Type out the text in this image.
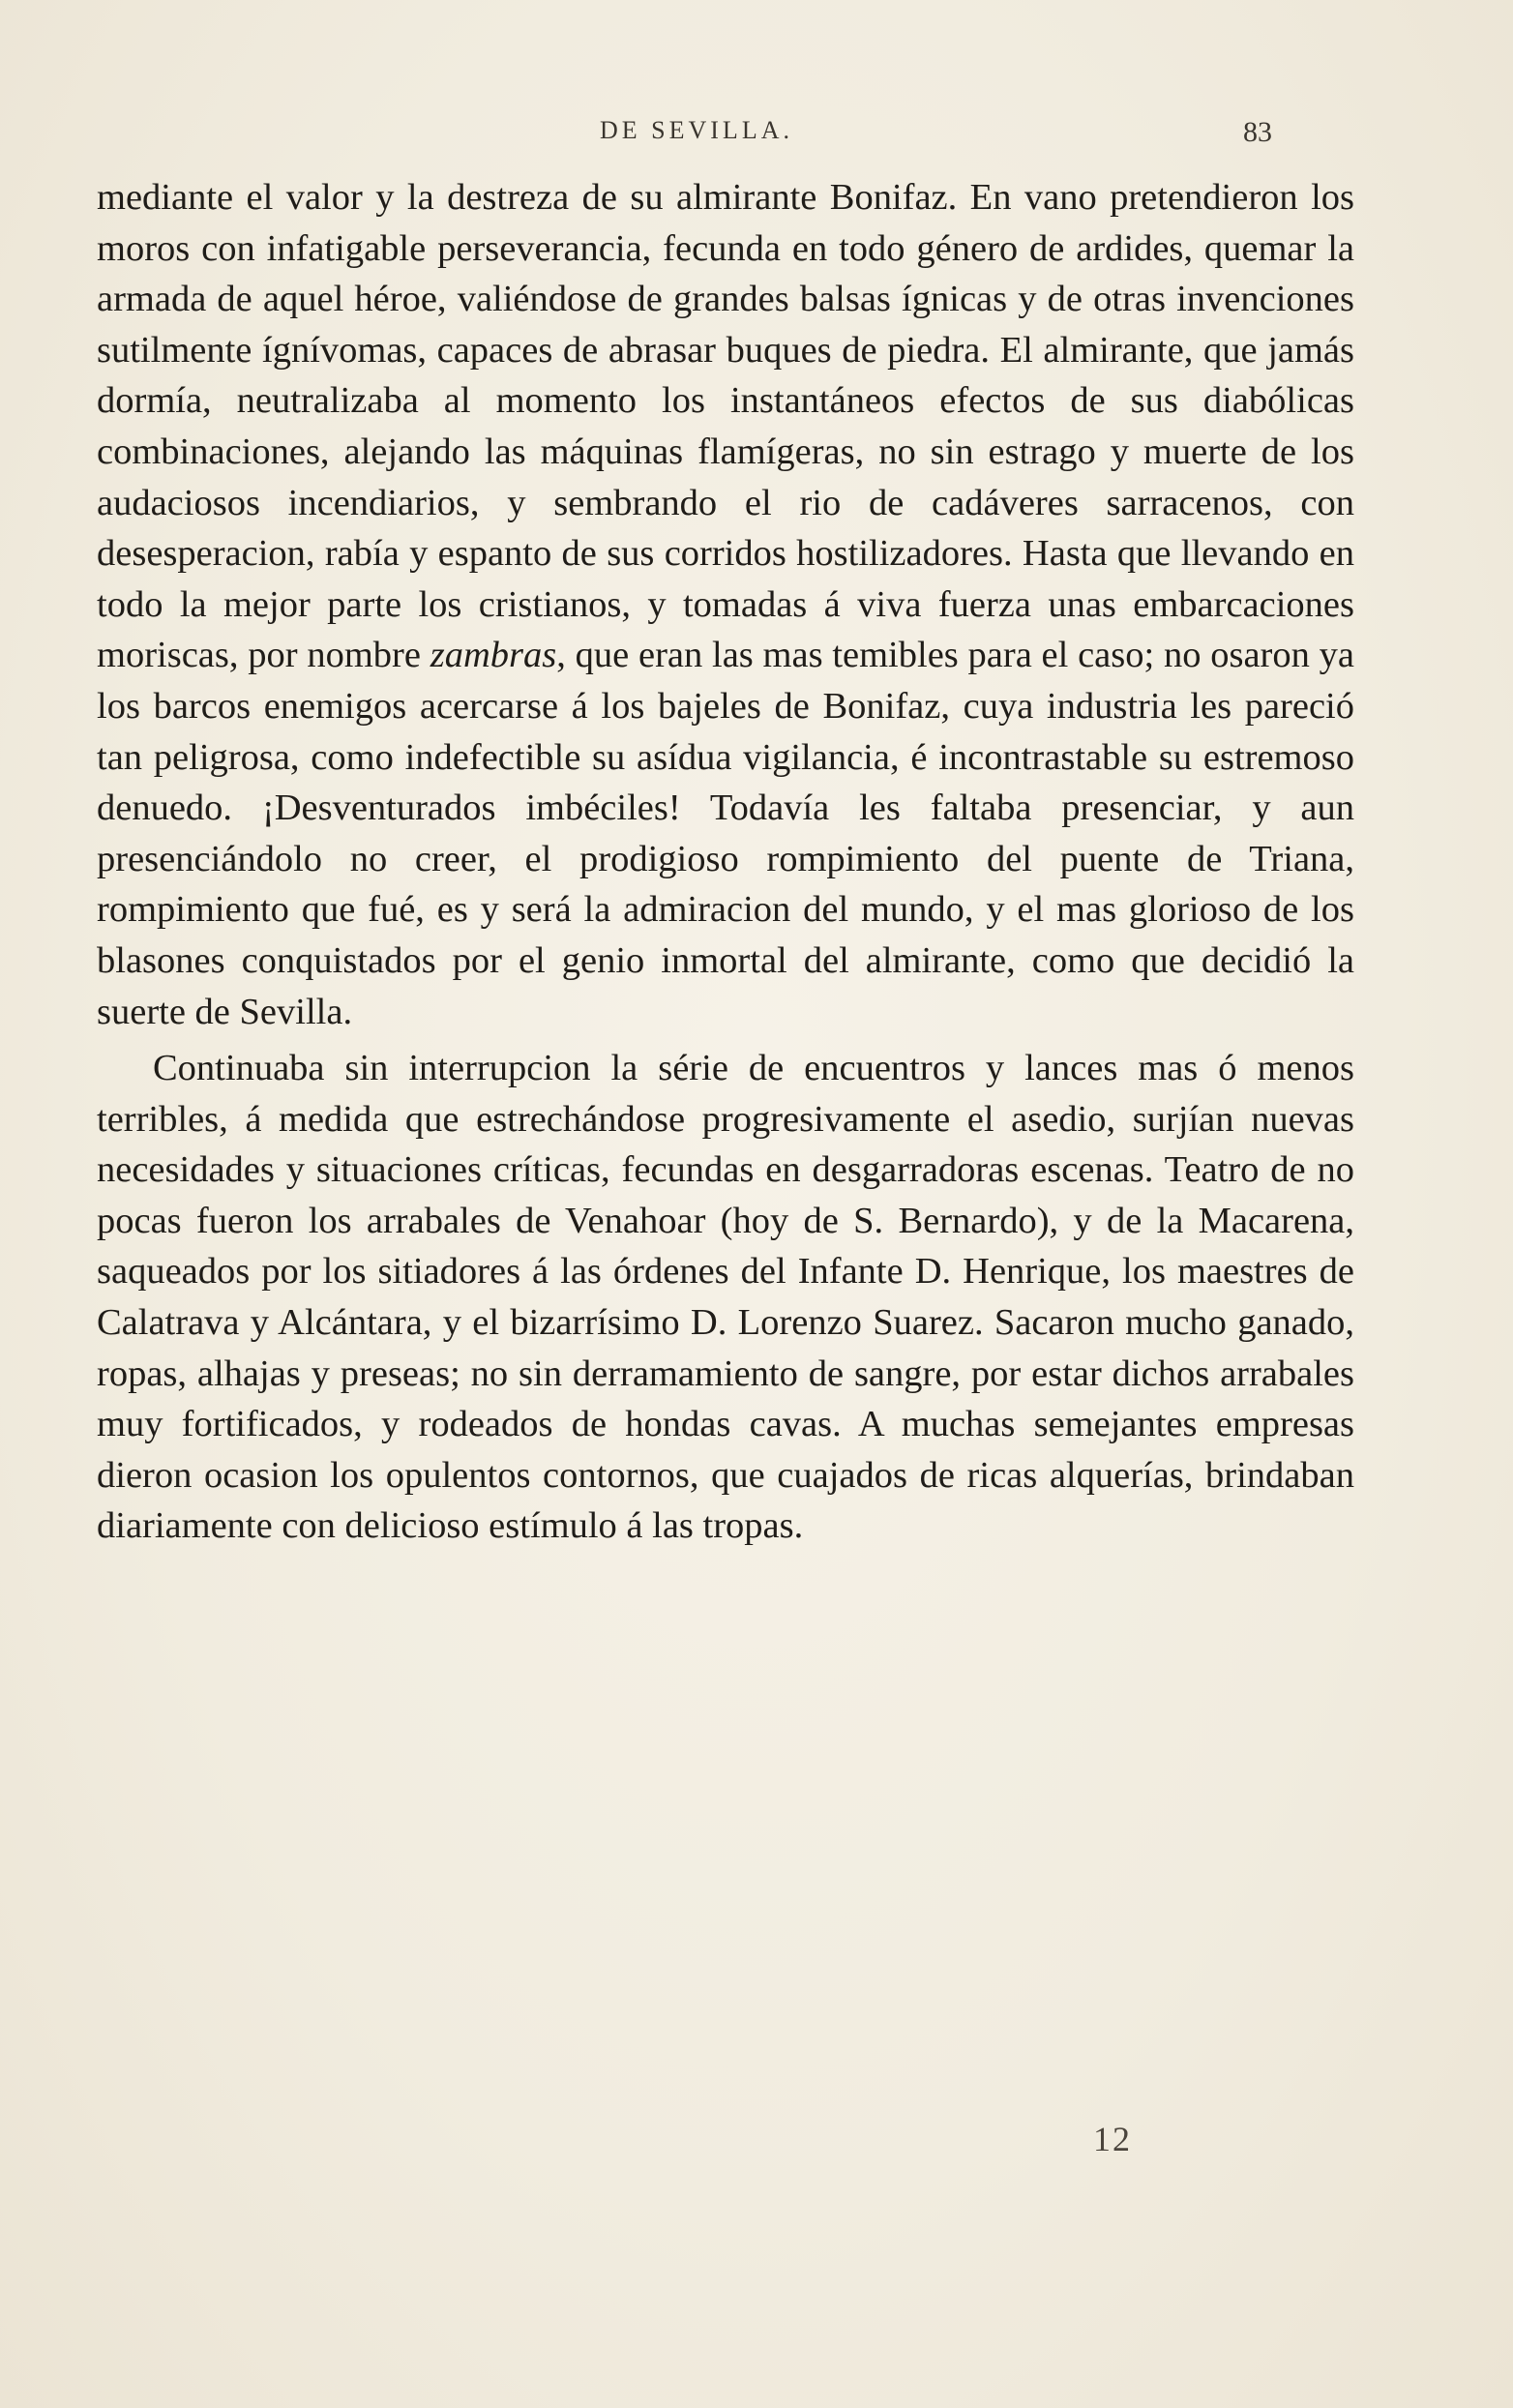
DE SEVILLA.	83

mediante el valor y la destreza de su almirante Bonifaz. En vano pretendieron los moros con infatigable perseverancia, fecunda en todo género de ardides, quemar la armada de aquel héroe, valiéndose de grandes balsas ígnicas y de otras invenciones sutilmente ígnívomas, capaces de abrasar buques de piedra. El almirante, que jamás dormía, neutralizaba al momento los instantáneos efectos de sus diabólicas combinaciones, alejando las máquinas flamígeras, no sin estrago y muerte de los audaciosos incendiarios, y sembrando el rio de cadáveres sarracenos, con desesperacion, rabía y espanto de sus corridos hostilizadores. Hasta que llevando en todo la mejor parte los cristianos, y tomadas á viva fuerza unas embarcaciones moriscas, por nombre zambras, que eran las mas temibles para el caso; no osaron ya los barcos enemigos acercarse á los bajeles de Bonifaz, cuya industria les pareció tan peligrosa, como indefectible su asídua vigilancia, é incontrastable su estremoso denuedo. ¡Desventurados imbéciles! Todavía les faltaba presenciar, y aun presenciándolo no creer, el prodigioso rompimiento del puente de Triana, rompimiento que fué, es y será la admiracion del mundo, y el mas glorioso de los blasones conquistados por el genio inmortal del almirante, como que decidió la suerte de Sevilla.

Continuaba sin interrupcion la série de encuentros y lances mas ó menos terribles, á medida que estrechándose progresivamente el asedio, surjían nuevas necesidades y situaciones críticas, fecundas en desgarradoras escenas. Teatro de no pocas fueron los arrabales de Venahoar (hoy de S. Bernardo), y de la Macarena, saqueados por los sitiadores á las órdenes del Infante D. Henrique, los maestres de Calatrava y Alcántara, y el bizarrísimo D. Lorenzo Suarez. Sacaron mucho ganado, ropas, alhajas y preseas; no sin derramamiento de sangre, por estar dichos arrabales muy fortificados, y rodeados de hondas cavas. A muchas semejantes empresas dieron ocasion los opulentos contornos, que cuajados de ricas alquerías, brindaban diariamente con delicioso estímulo á las tropas.

12
